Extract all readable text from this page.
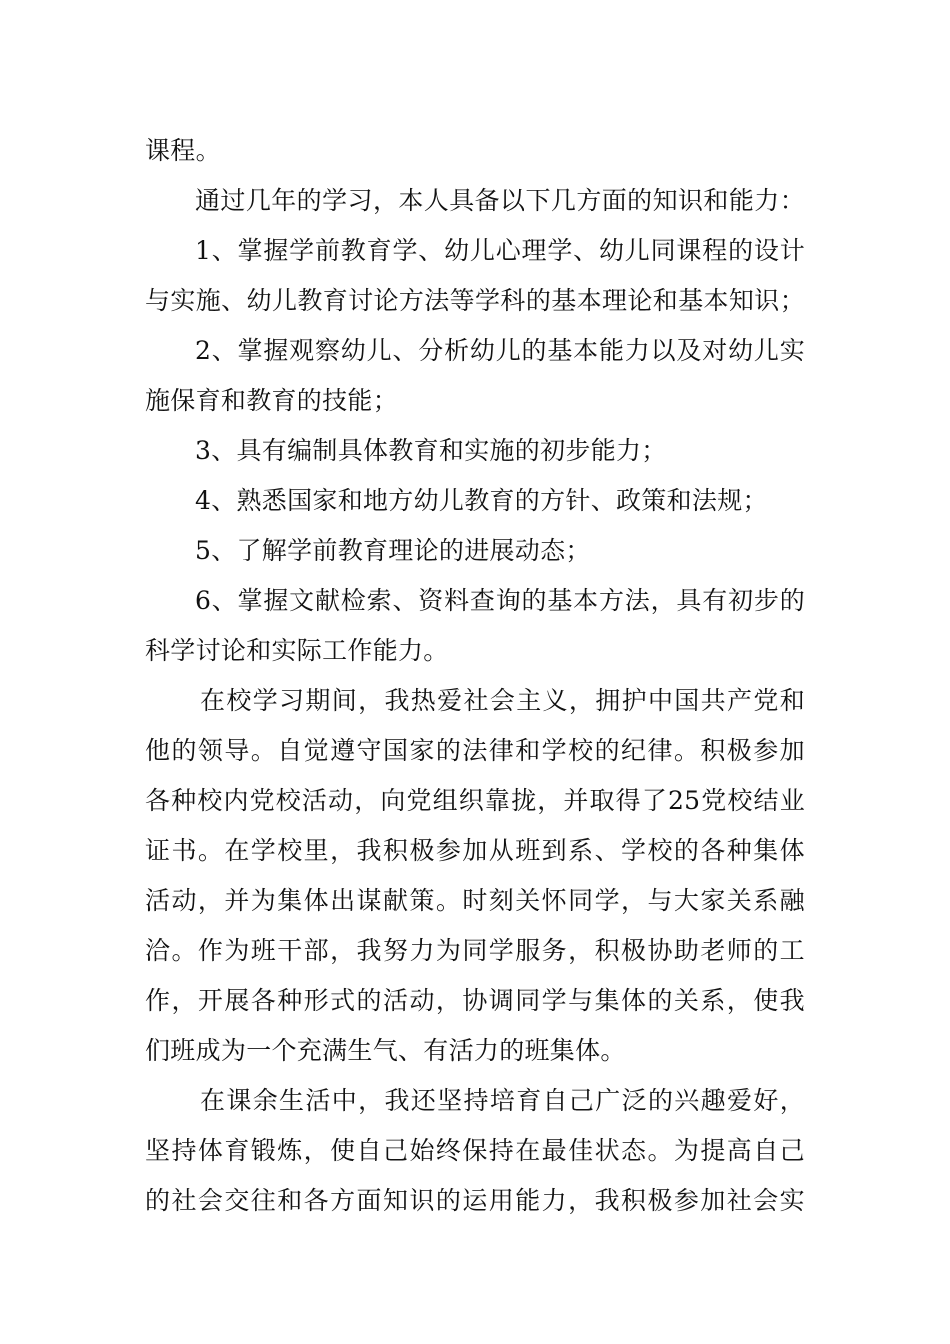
课程。
通过几年的学习，本人具备以下几方面的知识和能力：
1、掌握学前教育学、幼儿心理学、幼儿同课程的设计
与实施、幼儿教育讨论方法等学科的基本理论和基本知识；
2、掌握观察幼儿、分析幼儿的基本能力以及对幼儿实
施保育和教育的技能；
3、具有编制具体教育和实施的初步能力；
4、熟悉国家和地方幼儿教育的方针、政策和法规；
5、了解学前教育理论的进展动态；
6、掌握文献检索、资料查询的基本方法，具有初步的
科学讨论和实际工作能力。
在校学习期间，我热爱社会主义，拥护中国共产党和
他的领导。自觉遵守国家的法律和学校的纪律。积极参加
各种校内党校活动，向党组织靠拢，并取得了25党校结业
证书。在学校里，我积极参加从班到系、学校的各种集体
活动，并为集体出谋献策。时刻关怀同学，与大家关系融
洽。作为班干部，我努力为同学服务，积极协助老师的工
作，开展各种形式的活动，协调同学与集体的关系，使我
们班成为一个充满生气、有活力的班集体。
在课余生活中，我还坚持培育自己广泛的兴趣爱好，
坚持体育锻炼，使自己始终保持在最佳状态。为提高自己
的社会交往和各方面知识的运用能力，我积极参加社会实
